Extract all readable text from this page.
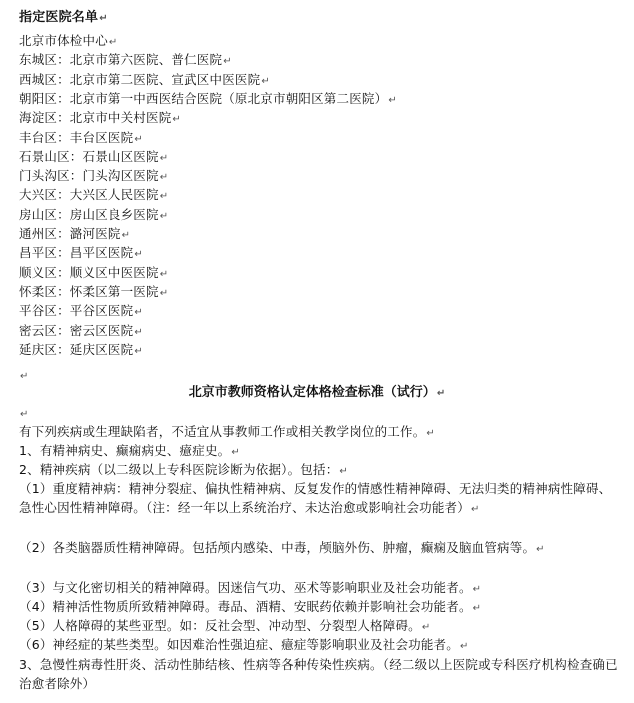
指定医院名单↵
北京市体检中心↵
东城区：北京市第六医院、普仁医院↵
西城区：北京市第二医院、宣武区中医医院↵
朝阳区：北京市第一中西医结合医院（原北京市朝阳区第二医院）↵
海淀区：北京市中关村医院↵
丰台区：丰台区医院↵
石景山区：石景山区医院↵
门头沟区：门头沟区医院↵
大兴区：大兴区人民医院↵
房山区：房山区良乡医院↵
通州区：潞河医院↵
昌平区：昌平区医院↵
顺义区：顺义区中医医院↵
怀柔区：怀柔区第一医院↵
平谷区：平谷区医院↵
密云区：密云区医院↵
延庆区：延庆区医院↵
↵
北京市教师资格认定体格检查标准（试行）↵
↵
有下列疾病或生理缺陷者，不适宜从事教师工作或相关教学岗位的工作。↵
1、有精神病史、癫痫病史、癔症史。↵
2、精神疾病（以二级以上专科医院诊断为依据）。包括：↵
（1）重度精神病：精神分裂症、偏执性精神病、反复发作的情感性精神障碍、无法归类的精神病性障碍、急性心因性精神障碍。（注：经一年以上系统治疗、未达治愈或影响社会功能者）↵
（2）各类脑器质性精神障碍。包括颅内感染、中毒，颅脑外伤、肿瘤，癫痫及脑血管病等。↵
（3）与文化密切相关的精神障碍。因迷信气功、巫术等影响职业及社会功能者。↵
（4）精神活性物质所致精神障碍。毒品、酒精、安眠药依赖并影响社会功能者。↵
（5）人格障碍的某些亚型。如：反社会型、冲动型、分裂型人格障碍。↵
（6）神经症的某些类型。如因难治性强迫症、癔症等影响职业及社会功能者。↵
3、急慢性病毒性肝炎、活动性肺结核、性病等各种传染性疾病。（经二级以上医院或专科医疗机构检查确已治愈者除外）
